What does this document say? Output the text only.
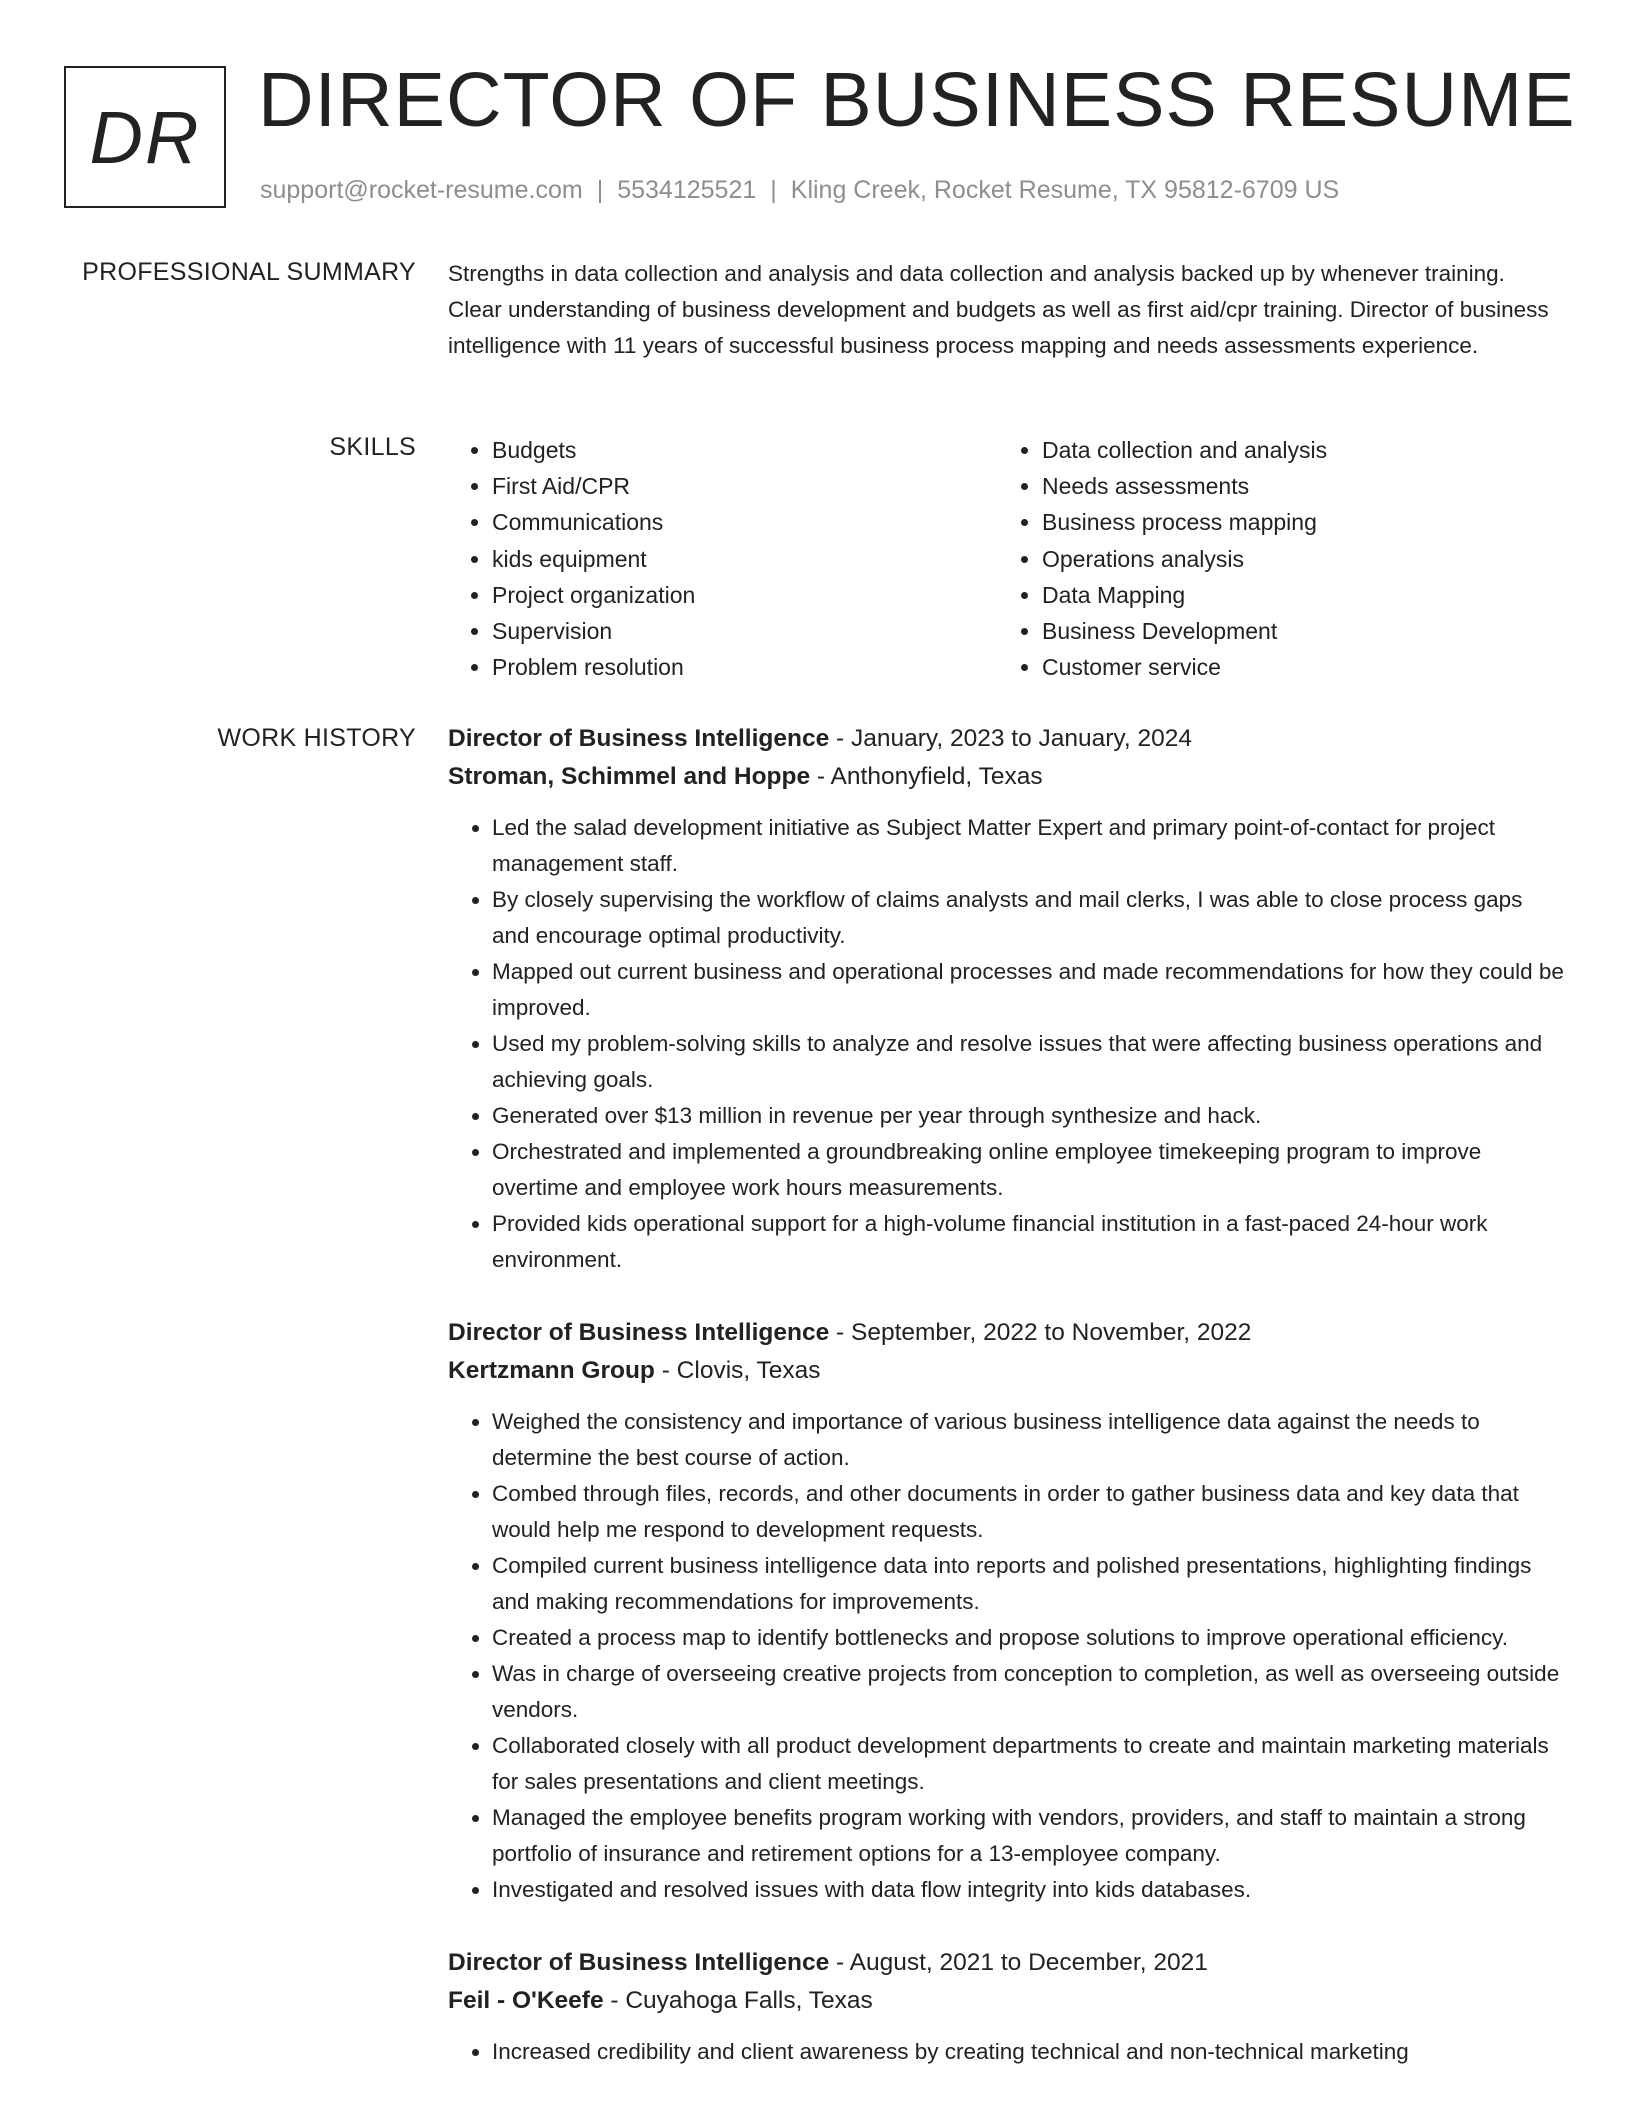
DR DIRECTOR OF BUSINESS RESUME
support@rocket-resume.com | 5534125521 | Kling Creek, Rocket Resume, TX 95812-6709 US
PROFESSIONAL SUMMARY Strengths in data collection and analysis and data collection and analysis backed up by whenever training. Clear understanding of business development and budgets as well as first aid/cpr training. Director of business intelligence with 11 years of successful business process mapping and needs assessments experience.
SKILLS
•	Budgets
• First Aid/CPR
• Communications
• kids equipment
• Project organization
• Supervision
• Problem resolution
• Data collection and analysis
• Needs assessments
• Business process mapping
• Operations analysis
• Data Mapping
• Business Development
• Customer service
WORK HISTORY Director of Business Intelligence - January, 2023 to January, 2024
Stroman, Schimmel and Hoppe - Anthonyfield, Texas
• Led the salad development initiative as Subject Matter Expert and primary point-of-contact for project management staff.
• By closely supervising the workflow of claims analysts and mail clerks, I was able to close process gaps and encourage optimal productivity.
• Mapped out current business and operational processes and made recommendations for how they could be improved.
• Used my problem-solving skills to analyze and resolve issues that were affecting business operations and achieving goals.
• Generated over $13 million in revenue per year through synthesize and hack.
• Orchestrated and implemented a groundbreaking online employee timekeeping program to improve overtime and employee work hours measurements.
• Provided kids operational support for a high-volume financial institution in a fast-paced 24-hour work environment.
Director of Business Intelligence - September, 2022 to November, 2022
Kertzmann Group - Clovis, Texas
• Weighed the consistency and importance of various business intelligence data against the needs to determine the best course of action.
• Combed through files, records, and other documents in order to gather business data and key data that would help me respond to development requests.
• Compiled current business intelligence data into reports and polished presentations, highlighting findings and making recommendations for improvements.
• Created a process map to identify bottlenecks and propose solutions to improve operational efficiency.
• Was in charge of overseeing creative projects from conception to completion, as well as overseeing outside vendors.
• Collaborated closely with all product development departments to create and maintain marketing materials for sales presentations and client meetings.
• Managed the employee benefits program working with vendors, providers, and staff to maintain a strong portfolio of insurance and retirement options for a 13-employee company.
• Investigated and resolved issues with data flow integrity into kids databases.
Director of Business Intelligence - August, 2021 to December, 2021
Feil - O'Keefe - Cuyahoga Falls, Texas
• Increased credibility and client awareness by creating technical and non-technical marketing
